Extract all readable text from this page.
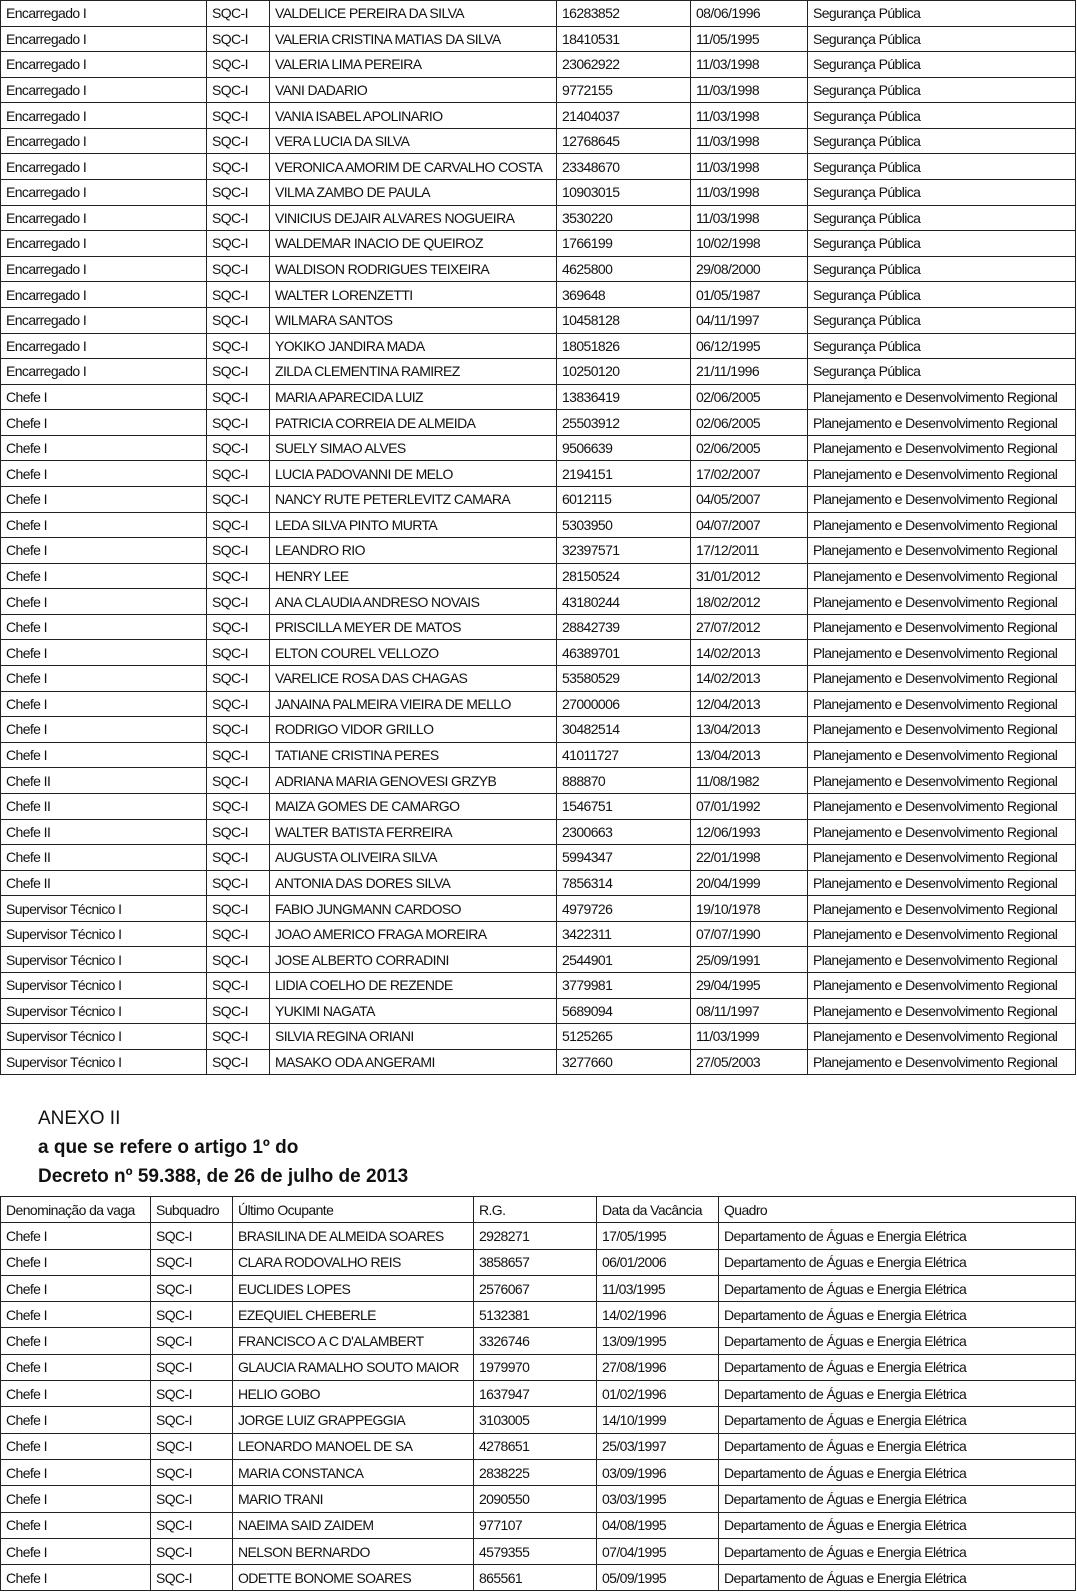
Encarregado I	SQC-I	VALDELICE PEREIRA DA SILVA	16283852	08/06/1996	Segurança Pública
Encarregado I	SQC-I	VALERIA CRISTINA MATIAS DA SILVA	18410531	11/05/1995	Segurança Pública
Encarregado I	SQC-I	VALERIA LIMA PEREIRA	23062922	11/03/1998	Segurança Pública
Encarregado I	SQC-I	VANI DADARIO	9772155	11/03/1998	Segurança Pública
Encarregado I	SQC-I	VANIA ISABEL APOLINARIO	21404037	11/03/1998	Segurança Pública
Encarregado I	SQC-I	VERA LUCIA DA SILVA	12768645	11/03/1998	Segurança Pública
Encarregado I	SQC-I	VERONICA AMORIM DE CARVALHO COSTA	23348670	11/03/1998	Segurança Pública
Encarregado I	SQC-I	VILMA ZAMBO DE PAULA	10903015	11/03/1998	Segurança Pública
Encarregado I	SQC-I	VINICIUS DEJAIR ALVARES NOGUEIRA	3530220	11/03/1998	Segurança Pública
Encarregado I	SQC-I	WALDEMAR INACIO DE QUEIROZ	1766199	10/02/1998	Segurança Pública
Encarregado I	SQC-I	WALDISON RODRIGUES TEIXEIRA	4625800	29/08/2000	Segurança Pública
Encarregado I	SQC-I	WALTER LORENZETTI	369648	01/05/1987	Segurança Pública
Encarregado I	SQC-I	WILMARA SANTOS	10458128	04/11/1997	Segurança Pública
Encarregado I	SQC-I	YOKIKO JANDIRA MADA	18051826	06/12/1995	Segurança Pública
Encarregado I	SQC-I	ZILDA CLEMENTINA RAMIREZ	10250120	21/11/1996	Segurança Pública
Chefe I	SQC-I	MARIA APARECIDA LUIZ	13836419	02/06/2005	Planejamento e Desenvolvimento Regional
Chefe I	SQC-I	PATRICIA CORREIA DE ALMEIDA	25503912	02/06/2005	Planejamento e Desenvolvimento Regional
Chefe I	SQC-I	SUELY SIMAO ALVES	9506639	02/06/2005	Planejamento e Desenvolvimento Regional
Chefe I	SQC-I	LUCIA PADOVANNI DE MELO	2194151	17/02/2007	Planejamento e Desenvolvimento Regional
Chefe I	SQC-I	NANCY RUTE PETERLEVITZ CAMARA	6012115	04/05/2007	Planejamento e Desenvolvimento Regional
Chefe I	SQC-I	LEDA SILVA PINTO MURTA	5303950	04/07/2007	Planejamento e Desenvolvimento Regional
Chefe I	SQC-I	LEANDRO RIO	32397571	17/12/2011	Planejamento e Desenvolvimento Regional
Chefe I	SQC-I	HENRY LEE	28150524	31/01/2012	Planejamento e Desenvolvimento Regional
Chefe I	SQC-I	ANA CLAUDIA ANDRESO NOVAIS	43180244	18/02/2012	Planejamento e Desenvolvimento Regional
Chefe I	SQC-I	PRISCILLA MEYER DE MATOS	28842739	27/07/2012	Planejamento e Desenvolvimento Regional
Chefe I	SQC-I	ELTON COUREL VELLOZO	46389701	14/02/2013	Planejamento e Desenvolvimento Regional
Chefe I	SQC-I	VARELICE ROSA DAS CHAGAS	53580529	14/02/2013	Planejamento e Desenvolvimento Regional
Chefe I	SQC-I	JANAINA PALMEIRA VIEIRA DE MELLO	27000006	12/04/2013	Planejamento e Desenvolvimento Regional
Chefe I	SQC-I	RODRIGO VIDOR GRILLO	30482514	13/04/2013	Planejamento e Desenvolvimento Regional
Chefe I	SQC-I	TATIANE CRISTINA PERES	41011727	13/04/2013	Planejamento e Desenvolvimento Regional
Chefe II	SQC-I	ADRIANA MARIA GENOVESI GRZYB	888870	11/08/1982	Planejamento e Desenvolvimento Regional
Chefe II	SQC-I	MAIZA GOMES DE CAMARGO	1546751	07/01/1992	Planejamento e Desenvolvimento Regional
Chefe II	SQC-I	WALTER BATISTA FERREIRA	2300663	12/06/1993	Planejamento e Desenvolvimento Regional
Chefe II	SQC-I	AUGUSTA OLIVEIRA SILVA	5994347	22/01/1998	Planejamento e Desenvolvimento Regional
Chefe II	SQC-I	ANTONIA DAS DORES SILVA	7856314	20/04/1999	Planejamento e Desenvolvimento Regional
Supervisor Técnico I	SQC-I	FABIO JUNGMANN CARDOSO	4979726	19/10/1978	Planejamento e Desenvolvimento Regional
Supervisor Técnico I	SQC-I	JOAO AMERICO FRAGA MOREIRA	3422311	07/07/1990	Planejamento e Desenvolvimento Regional
Supervisor Técnico I	SQC-I	JOSE ALBERTO CORRADINI	2544901	25/09/1991	Planejamento e Desenvolvimento Regional
Supervisor Técnico I	SQC-I	LIDIA COELHO DE REZENDE	3779981	29/04/1995	Planejamento e Desenvolvimento Regional
Supervisor Técnico I	SQC-I	YUKIMI NAGATA	5689094	08/11/1997	Planejamento e Desenvolvimento Regional
Supervisor Técnico I	SQC-I	SILVIA REGINA ORIANI	5125265	11/03/1999	Planejamento e Desenvolvimento Regional
Supervisor Técnico I	SQC-I	MASAKO ODA ANGERAMI	3277660	27/05/2003	Planejamento e Desenvolvimento Regional
ANEXO II
a que se refere o artigo 1º do
Decreto nº 59.388, de 26 de julho de 2013
Denominação da vaga	Subquadro	Último Ocupante	R.G.	Data da Vacância	Quadro
Chefe I	SQC-I	BRASILINA DE ALMEIDA SOARES	2928271	17/05/1995	Departamento de Águas e Energia Elétrica
Chefe I	SQC-I	CLARA RODOVALHO REIS	3858657	06/01/2006	Departamento de Águas e Energia Elétrica
Chefe I	SQC-I	EUCLIDES LOPES	2576067	11/03/1995	Departamento de Águas e Energia Elétrica
Chefe I	SQC-I	EZEQUIEL CHEBERLE	5132381	14/02/1996	Departamento de Águas e Energia Elétrica
Chefe I	SQC-I	FRANCISCO A C D'ALAMBERT	3326746	13/09/1995	Departamento de Águas e Energia Elétrica
Chefe I	SQC-I	GLAUCIA RAMALHO SOUTO MAIOR	1979970	27/08/1996	Departamento de Águas e Energia Elétrica
Chefe I	SQC-I	HELIO GOBO	1637947	01/02/1996	Departamento de Águas e Energia Elétrica
Chefe I	SQC-I	JORGE LUIZ GRAPPEGGIA	3103005	14/10/1999	Departamento de Águas e Energia Elétrica
Chefe I	SQC-I	LEONARDO MANOEL DE SA	4278651	25/03/1997	Departamento de Águas e Energia Elétrica
Chefe I	SQC-I	MARIA CONSTANCA	2838225	03/09/1996	Departamento de Águas e Energia Elétrica
Chefe I	SQC-I	MARIO TRANI	2090550	03/03/1995	Departamento de Águas e Energia Elétrica
Chefe I	SQC-I	NAEIMA SAID ZAIDEM	977107	04/08/1995	Departamento de Águas e Energia Elétrica
Chefe I	SQC-I	NELSON BERNARDO	4579355	07/04/1995	Departamento de Águas e Energia Elétrica
Chefe I	SQC-I	ODETTE BONOME SOARES	865561	05/09/1995	Departamento de Águas e Energia Elétrica
